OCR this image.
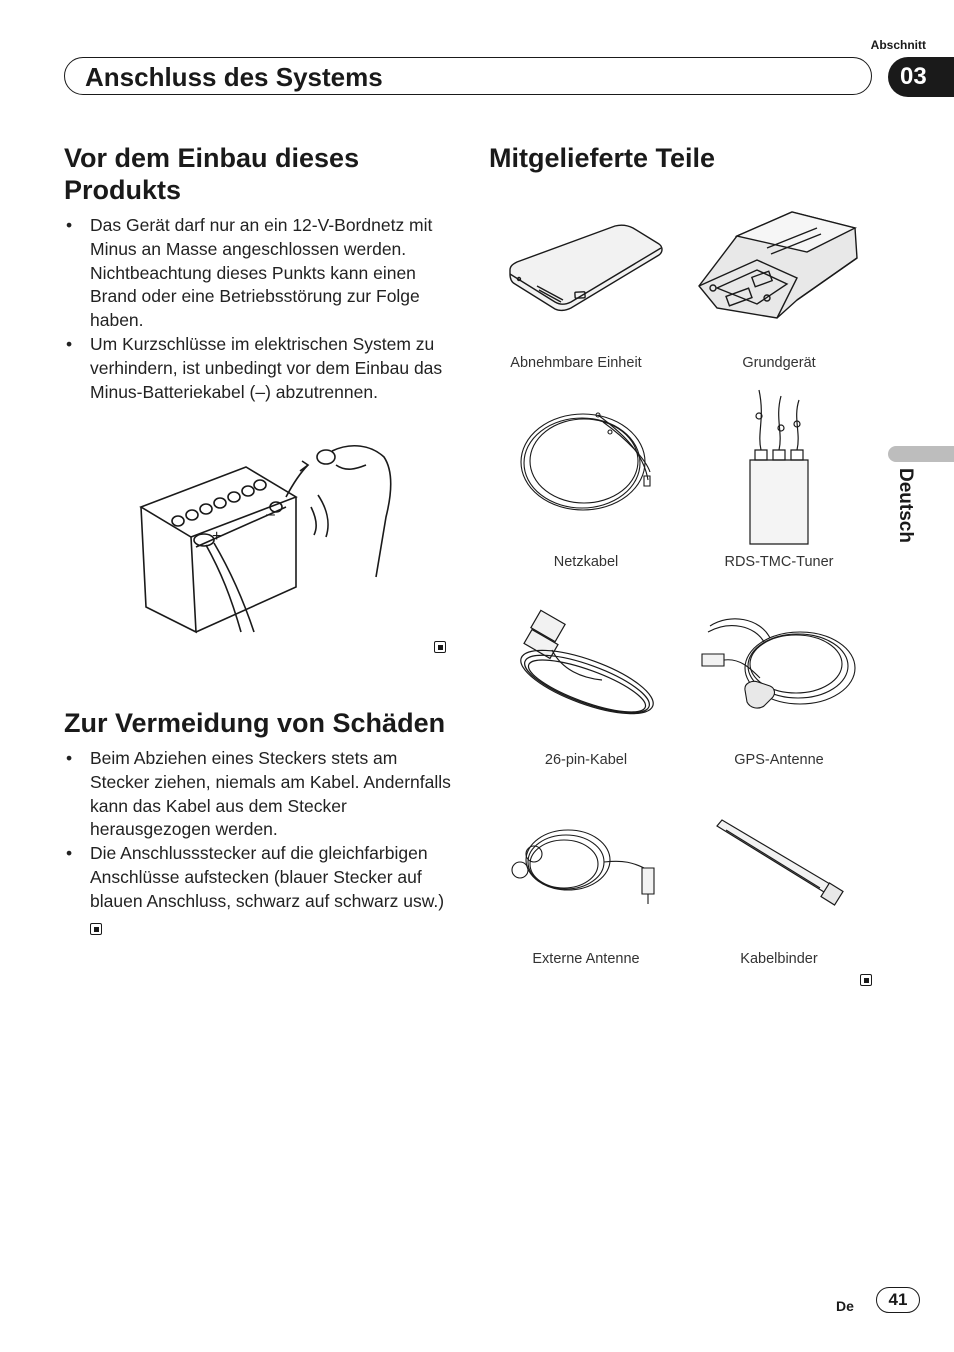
Abschnitt
Anschluss des Systems	03
Deutsch
Vor dem Einbau dieses Produkts
• Das Gerät darf nur an ein 12-V-Bordnetz mit Minus an Masse angeschlossen werden. Nichtbeachtung dieses Punkts kann einen Brand oder eine Betriebsstörung zur Folge haben.
• Um Kurzschlüsse im elektrischen System zu verhindern, ist unbedingt vor dem Einbau das Minus-Batteriekabel (–) abzutrennen.
–
+
Zur Vermeidung von Schäden
• Beim Abziehen eines Steckers stets am Stecker ziehen, niemals am Kabel. Andernfalls kann das Kabel aus dem Stecker herausgezogen werden.
• Die Anschlussstecker auf die gleichfarbigen Anschlüsse aufstecken (blauer Stecker auf blauen Anschluss, schwarz auf schwarz usw.)
Mitgelieferte Teile
Abnehmbare Einheit	Grundgerät
Netzkabel	RDS-TMC-Tuner
26-pin-Kabel	GPS-Antenne
Externe Antenne	Kabelbinder
De	41
